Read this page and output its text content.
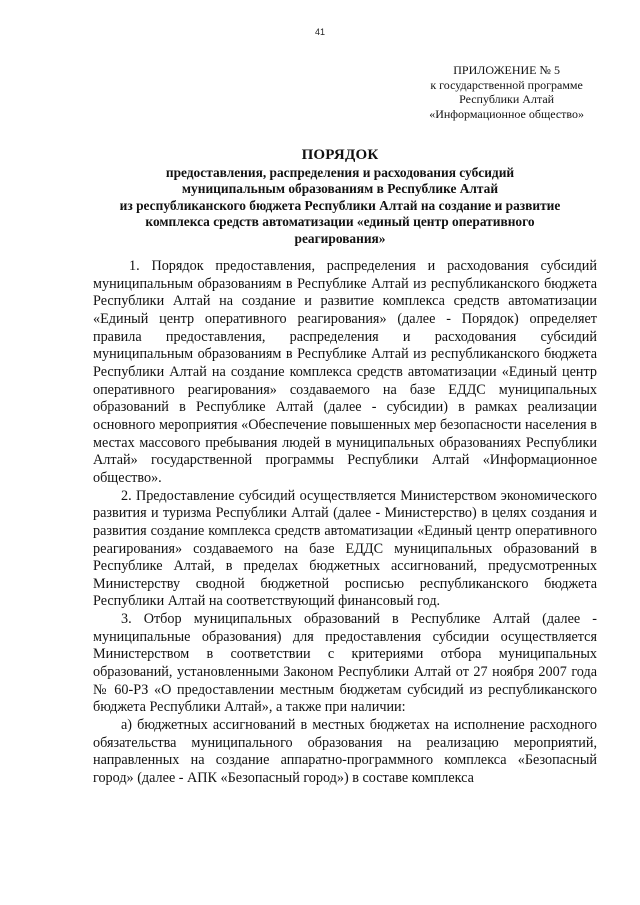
41
ПРИЛОЖЕНИЕ № 5
к государственной программе
Республики Алтай
«Информационное общество»
ПОРЯДОК
предоставления, распределения и расходования субсидий
муниципальным образованиям в Республике Алтай
из республиканского бюджета Республики Алтай на создание и развитие
комплекса средств автоматизации «единый центр оперативного
реагирования»

1. Порядок предоставления, распределения и расходования субсидий муниципальным образованиям в Республике Алтай из республиканского бюджета Республики Алтай на создание и развитие комплекса средств автоматизации «Единый центр оперативного реагирования» (далее - Порядок) определяет правила предоставления, распределения и расходования субсидий муниципальным образованиям в Республике Алтай из республиканского бюджета Республики Алтай на создание комплекса средств автоматизации «Единый центр оперативного реагирования» создаваемого на базе ЕДДС муниципальных образований в Республике Алтай (далее - субсидии) в рамках реализации основного мероприятия «Обеспечение повышенных мер безопасности населения в местах массового пребывания людей в муниципальных образованиях Республики Алтай» государственной программы Республики Алтай «Информационное общество».

2. Предоставление субсидий осуществляется Министерством экономического развития и туризма Республики Алтай (далее - Министерство) в целях создания и развития создание комплекса средств автоматизации «Единый центр оперативного реагирования» создаваемого на базе ЕДДС муниципальных образований в Республике Алтай, в пределах бюджетных ассигнований, предусмотренных Министерству сводной бюджетной росписью республиканского бюджета Республики Алтай на соответствующий финансовый год.

3. Отбор муниципальных образований в Республике Алтай (далее - муниципальные образования) для предоставления субсидии осуществляется Министерством в соответствии с критериями отбора муниципальных образований, установленными Законом Республики Алтай от 27 ноября 2007 года № 60-РЗ «О предоставлении местным бюджетам субсидий из республиканского бюджета Республики Алтай», а также при наличии:

а) бюджетных ассигнований в местных бюджетах на исполнение расходного обязательства муниципального образования на реализацию мероприятий, направленных на создание аппаратно-программного комплекса «Безопасный город» (далее - АПК «Безопасный город») в составе комплекса
